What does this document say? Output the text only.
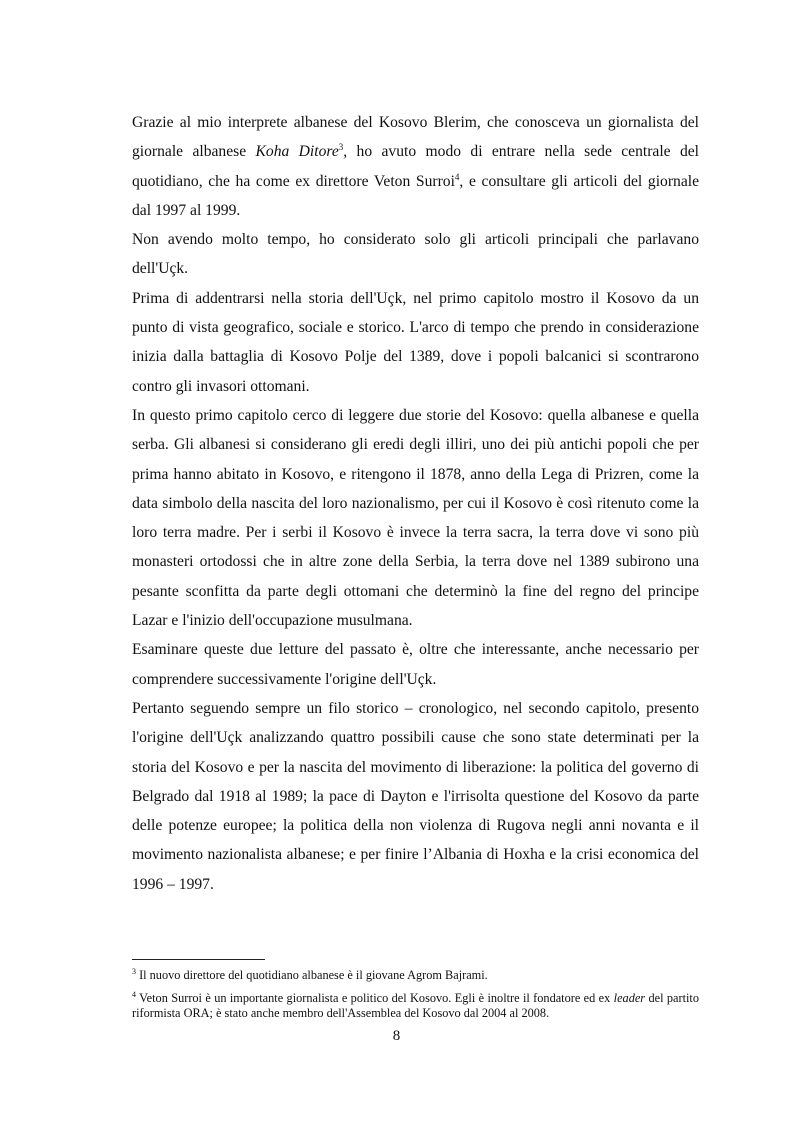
Grazie al mio interprete albanese del Kosovo Blerim, che conosceva un giornalista del giornale albanese Koha Ditore$^3$, ho avuto modo di entrare nella sede centrale del quotidiano, che ha come ex direttore Veton Surroi$^4$, e consultare gli articoli del giornale dal 1997 al 1999.

Non avendo molto tempo, ho considerato solo gli articoli principali che parlavano dell'Uçk.

Prima di addentrarsi nella storia dell'Uçk, nel primo capitolo mostro il Kosovo da un punto di vista geografico, sociale e storico. L'arco di tempo che prendo in considerazione inizia dalla battaglia di Kosovo Polje del 1389, dove i popoli balcanici si scontrarono contro gli invasori ottomani.

In questo primo capitolo cerco di leggere due storie del Kosovo: quella albanese e quella serba. Gli albanesi si considerano gli eredi degli illiri, uno dei più antichi popoli che per prima hanno abitato in Kosovo, e ritengono il 1878, anno della Lega di Prizren, come la data simbolo della nascita del loro nazionalismo, per cui il Kosovo è così ritenuto come la loro terra madre. Per i serbi il Kosovo è invece la terra sacra, la terra dove vi sono più monasteri ortodossi che in altre zone della Serbia, la terra dove nel 1389 subirono una pesante sconfitta da parte degli ottomani che determinò la fine del regno del principe Lazar e l'inizio dell'occupazione musulmana.

Esaminare queste due letture del passato è, oltre che interessante, anche necessario per comprendere successivamente l'origine dell'Uçk.

Pertanto seguendo sempre un filo storico – cronologico, nel secondo capitolo, presento l'origine dell'Uçk analizzando quattro possibili cause che sono state determinati per la storia del Kosovo e per la nascita del movimento di liberazione: la politica del governo di Belgrado dal 1918 al 1989; la pace di Dayton e l'irrisolta questione del Kosovo da parte delle potenze europee; la politica della non violenza di Rugova negli anni novanta e il movimento nazionalista albanese; e per finire l’Albania di Hoxha e la crisi economica del 1996 – 1997.

$^3$ Il nuovo direttore del quotidiano albanese è il giovane Agrom Bajrami.

$^4$ Veton Surroi è un importante giornalista e politico del Kosovo. Egli è inoltre il fondatore ed ex leader del partito riformista ORA; è stato anche membro dell'Assemblea del Kosovo dal 2004 al 2008.

8
